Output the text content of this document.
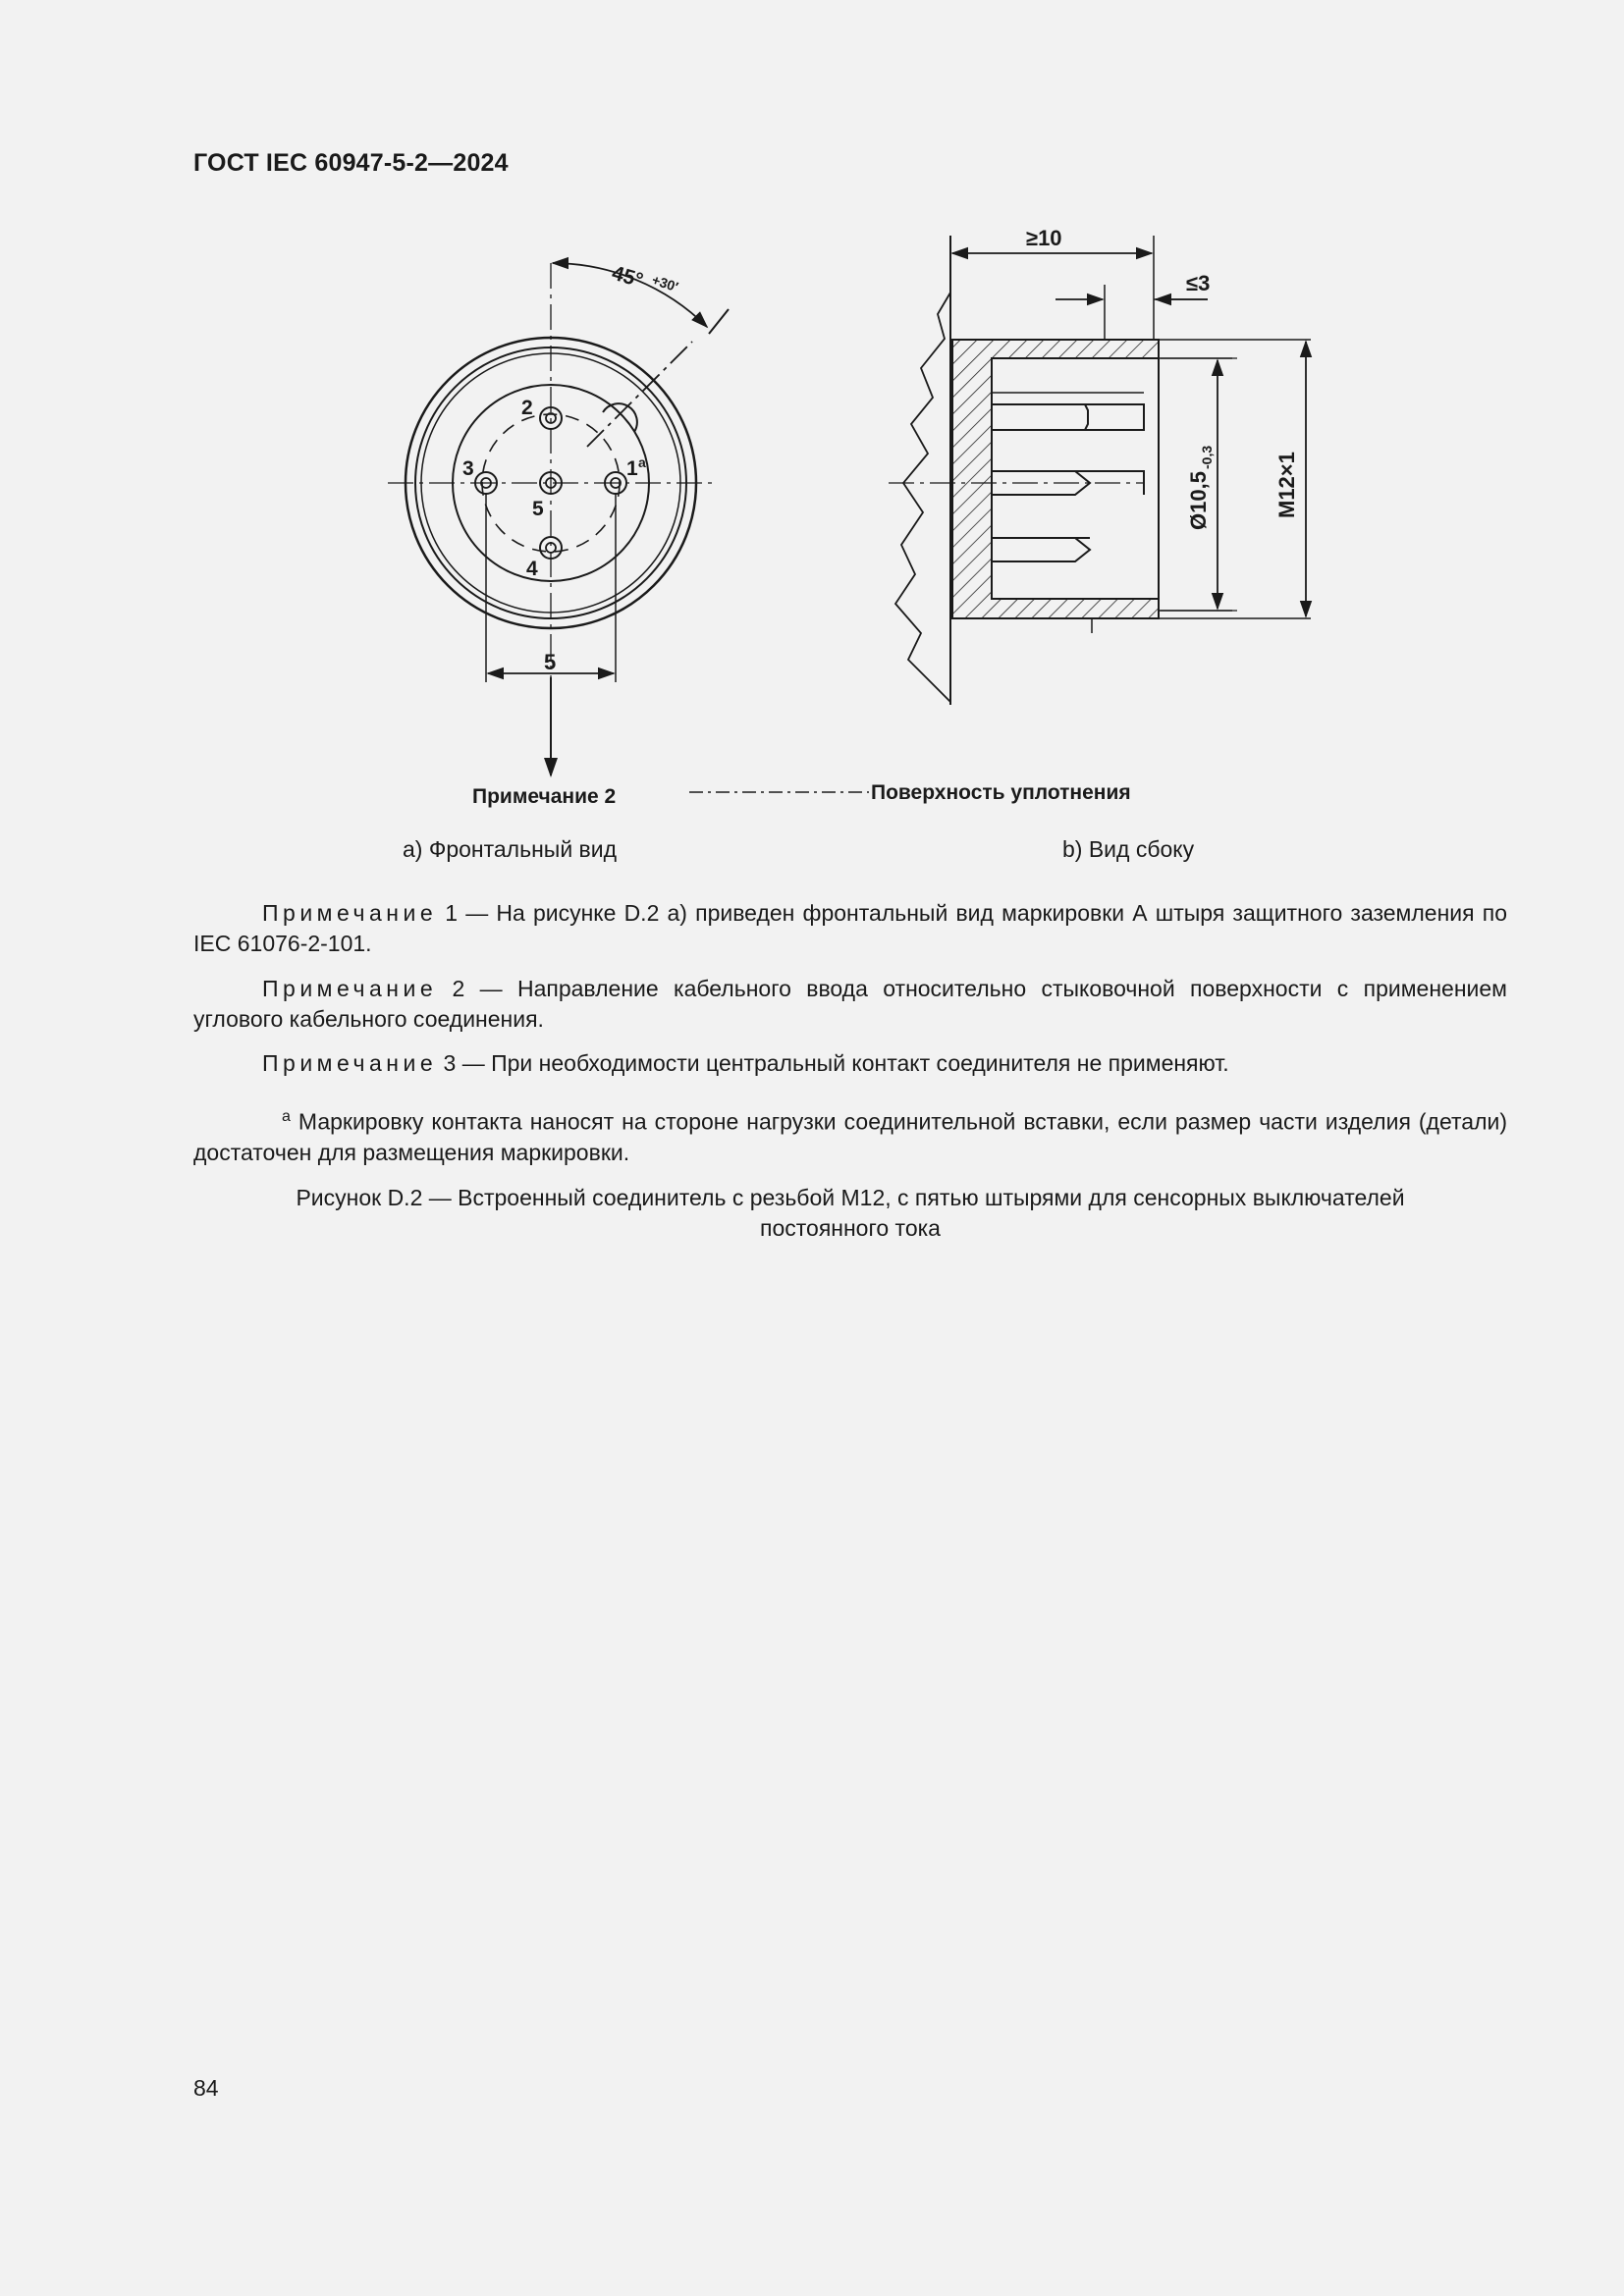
ГОСТ IEC 60947-5-2—2024
45° +30′
2
3
5
1 a
4
5
Примечание 2
≥10
≤3
Ø10,5
-0,3	M12×1
Поверхность уплотнения
а) Фронтальный вид	b) Вид сбоку
Примечание 1 — На рисунке D.2 а) приведен фронтальный вид маркировки А штыря защитного заземления по IEC 61076-2-101.
Примечание 2 — Направление кабельного ввода относительно стыковочной поверхности с применением углового кабельного соединения.
Примечание 3 — При необходимости центральный контакт соединителя не применяют.
$^а$ Маркировку контакта наносят на стороне нагрузки соединительной вставки, если размер части изделия (детали) достаточен для размещения маркировки.
Рисунок D.2 — Встроенный соединитель с резьбой M12, с пятью штырями для сенсорных выключателей
постоянного тока
84
